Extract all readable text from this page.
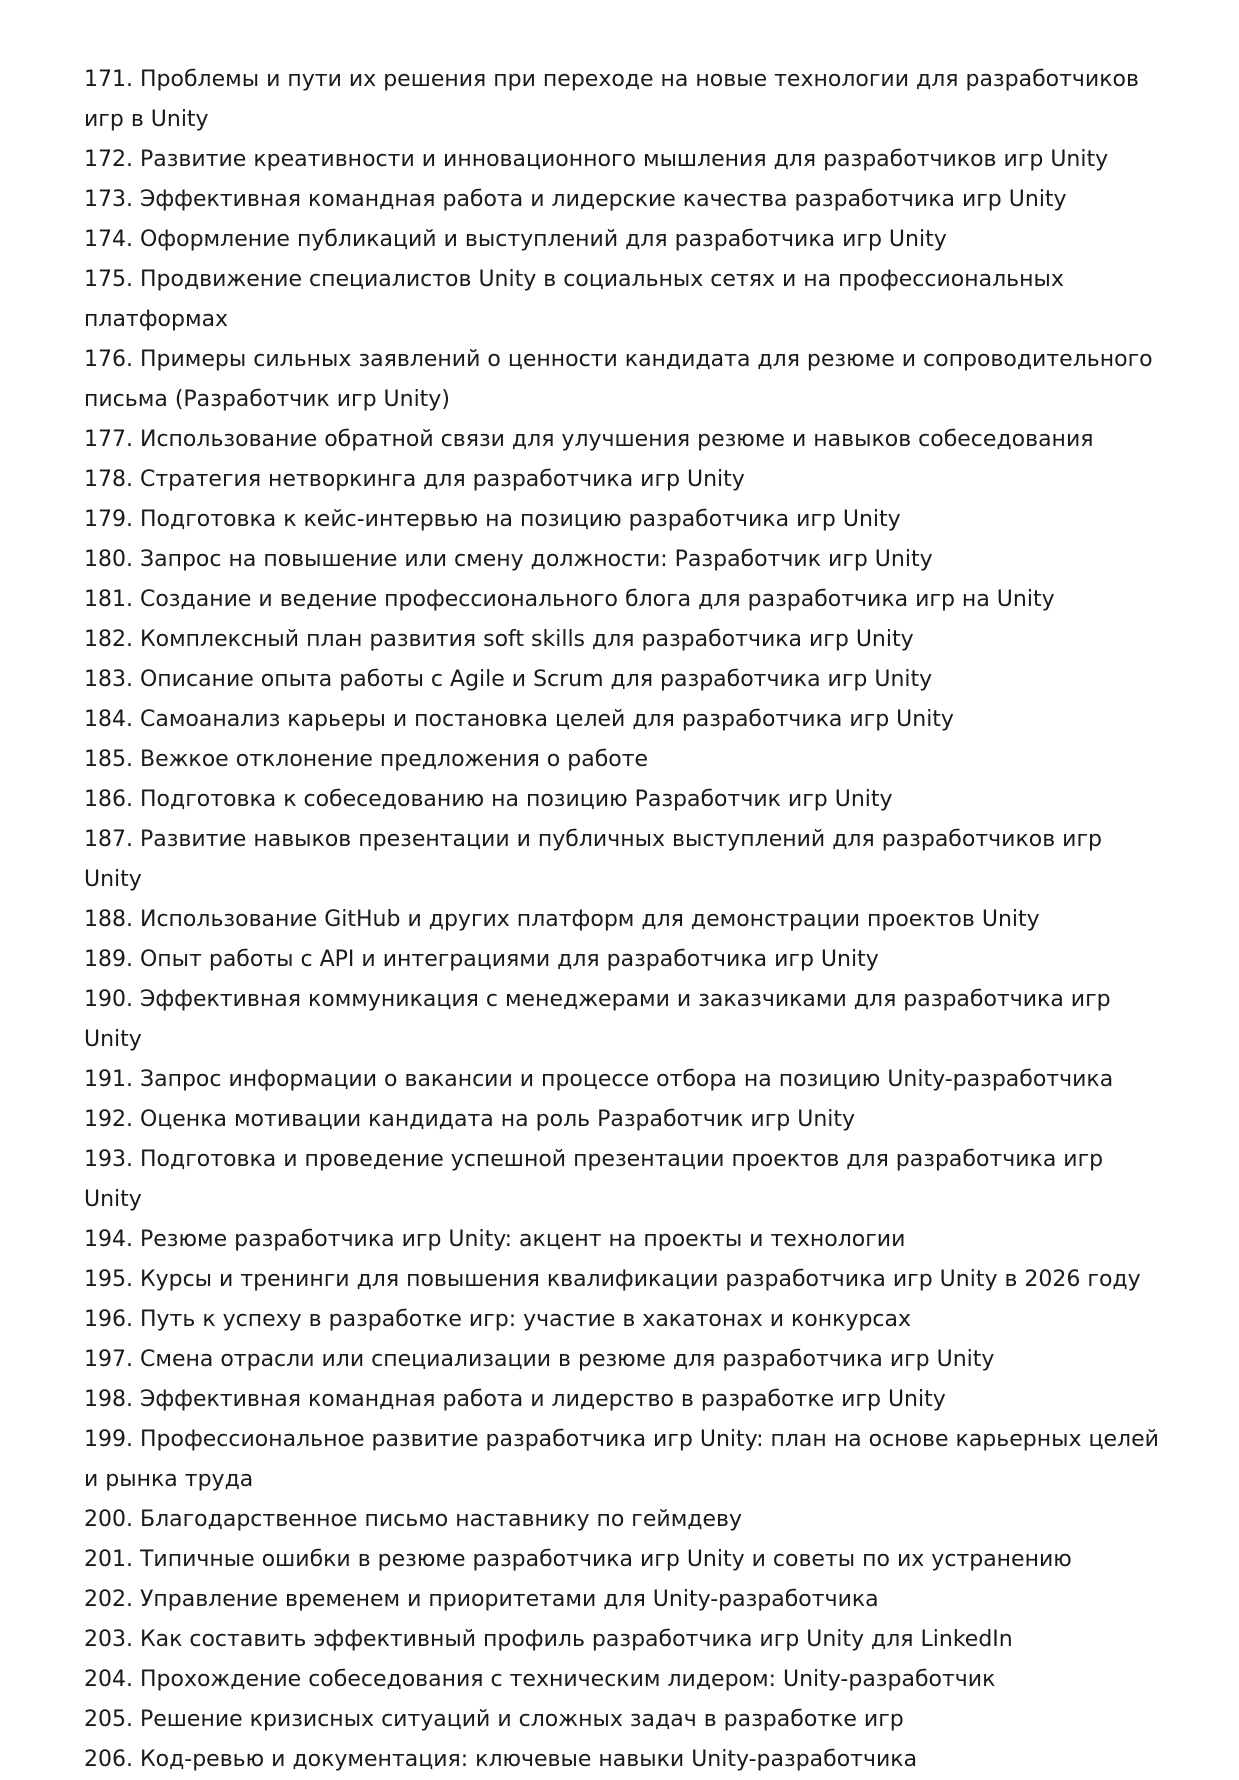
171. Проблемы и пути их решения при переходе на новые технологии для разработчиков игр в Unity

172. Развитие креативности и инновационного мышления для разработчиков игр Unity

173. Эффективная командная работа и лидерские качества разработчика игр Unity

174. Оформление публикаций и выступлений для разработчика игр Unity

175. Продвижение специалистов Unity в социальных сетях и на профессиональных платформах

176. Примеры сильных заявлений о ценности кандидата для резюме и сопроводительного письма (Разработчик игр Unity)

177. Использование обратной связи для улучшения резюме и навыков собеседования

178. Стратегия нетворкинга для разработчика игр Unity

179. Подготовка к кейс-интервью на позицию разработчика игр Unity

180. Запрос на повышение или смену должности: Разработчик игр Unity

181. Создание и ведение профессионального блога для разработчика игр на Unity

182. Комплексный план развития soft skills для разработчика игр Unity

183. Описание опыта работы с Agile и Scrum для разработчика игр Unity

184. Самоанализ карьеры и постановка целей для разработчика игр Unity

185. Вежкое отклонение предложения о работе

186. Подготовка к собеседованию на позицию Разработчик игр Unity

187. Развитие навыков презентации и публичных выступлений для разработчиков игр Unity

188. Использование GitHub и других платформ для демонстрации проектов Unity

189. Опыт работы с API и интеграциями для разработчика игр Unity

190. Эффективная коммуникация с менеджерами и заказчиками для разработчика игр Unity

191. Запрос информации о вакансии и процессе отбора на позицию Unity-разработчика

192. Оценка мотивации кандидата на роль Разработчик игр Unity

193. Подготовка и проведение успешной презентации проектов для разработчика игр Unity

194. Резюме разработчика игр Unity: акцент на проекты и технологии

195. Курсы и тренинги для повышения квалификации разработчика игр Unity в 2026 году

196. Путь к успеху в разработке игр: участие в хакатонах и конкурсах

197. Смена отрасли или специализации в резюме для разработчика игр Unity

198. Эффективная командная работа и лидерство в разработке игр Unity

199. Профессиональное развитие разработчика игр Unity: план на основе карьерных целей и рынка труда

200. Благодарственное письмо наставнику по геймдеву

201. Типичные ошибки в резюме разработчика игр Unity и советы по их устранению

202. Управление временем и приоритетами для Unity-разработчика

203. Как составить эффективный профиль разработчика игр Unity для LinkedIn

204. Прохождение собеседования с техническим лидером: Unity-разработчик

205. Решение кризисных ситуаций и сложных задач в разработке игр

206. Код-ревью и документация: ключевые навыки Unity-разработчика
